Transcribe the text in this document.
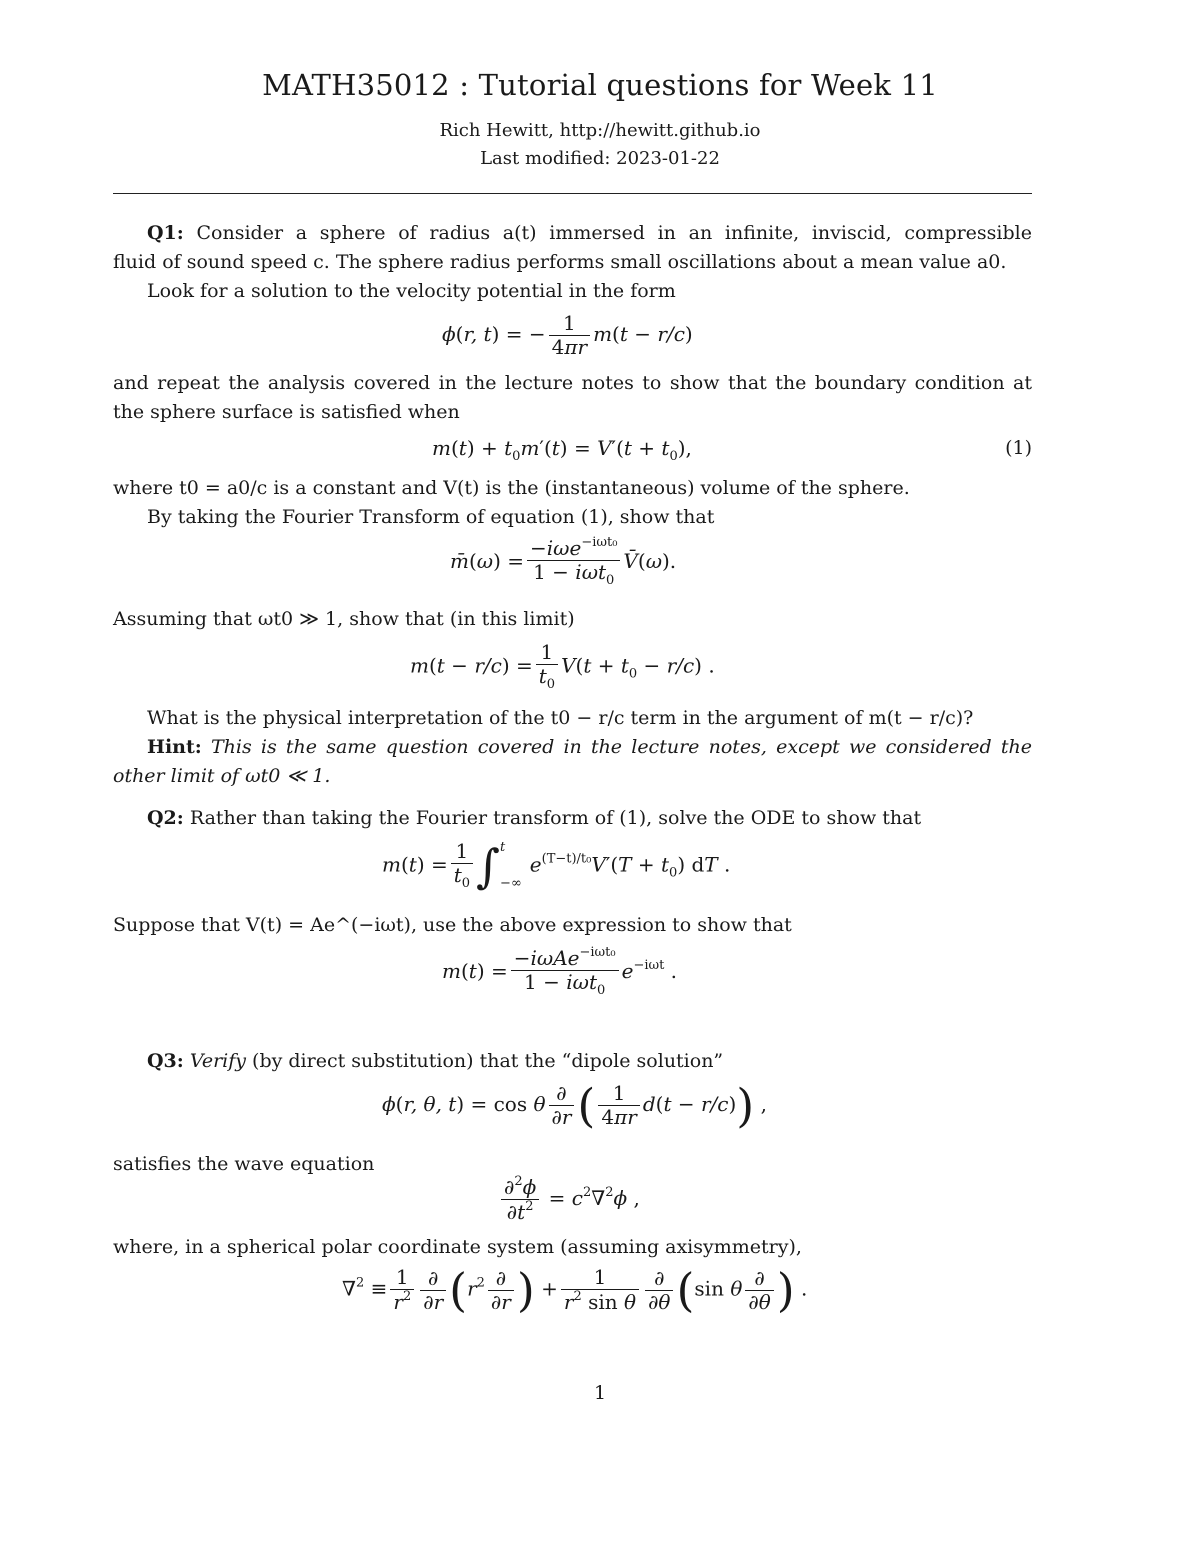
MATH35012 : Tutorial questions for Week 11
Rich Hewitt, http://hewitt.github.io
Last modified: 2023-01-22
Q1: Consider a sphere of radius a(t) immersed in an infinite, inviscid, compressible
fluid of sound speed c. The sphere radius performs small oscillations about a mean value a0.
Look for a solution to the velocity potential in the form
ϕ(r, t) = − $\frac{1}{4\pi r} m(t - r/c)$
and repeat the analysis covered in the lecture notes to show that the boundary condition at
the sphere surface is satisfied when
$m(t) + t_0m'(t) = V'(t + t_0)$,	(1)
where t0 = a0/c is a constant and V(t) is the (instantaneous) volume of the sphere.
By taking the Fourier Transform of equation (1), show that
m̄(ω) = $\frac{-i\omega e^{-i\omega t_0}}{1 - i\omega t_0}$ V̄(ω).
Assuming that ωt0 ≫ 1, show that (in this limit)
$m(t - r/c) = \frac{1}{t_0} V(t + t_0 - r/c)$ .
What is the physical interpretation of the t0 − r/c term in the argument of m(t − r/c)?
Hint: This is the same question covered in the lecture notes, except we considered the
other limit of ωt0 ≪ 1.
Q2: Rather than taking the Fourier transform of (1), solve the ODE to show that
$m(t) = \frac{1}{t_0}$ ∫ t
−∞
$e^{(T-t)/t_0}V'(T + t_0)$ dT .
Suppose that V(t) = Ae^(−iωt), use the above expression to show that
$m(t) = \frac{-i\omega Ae^{-i\omega t_0}}{1 - i\omega t_0} e^{-i\omega t}$ .
Q3: Verify (by direct substitution) that the “dipole solution”
ϕ(r, θ, t) = cos θ $\frac{\partial}{\partial r}$ ( $\frac{1}{4\pi r} d(t - r/c)$) ,
satisfies the wave equation
$\frac{\partial^2\phi}{\partial t^2} = c^2\nabla^2\phi$ ,
where, in a spherical polar coordinate system (assuming axisymmetry),
$\nabla^2 \equiv \frac{1}{r^2} \frac{\partial}{\partial r} (r^2 \frac{\partial}{\partial r}$ ) + $\frac{1}{r^2 \sin \theta} \frac{\partial}{\partial\theta} (\sin$ θ $\frac{\partial}{\partial\theta}$ ) .
1
